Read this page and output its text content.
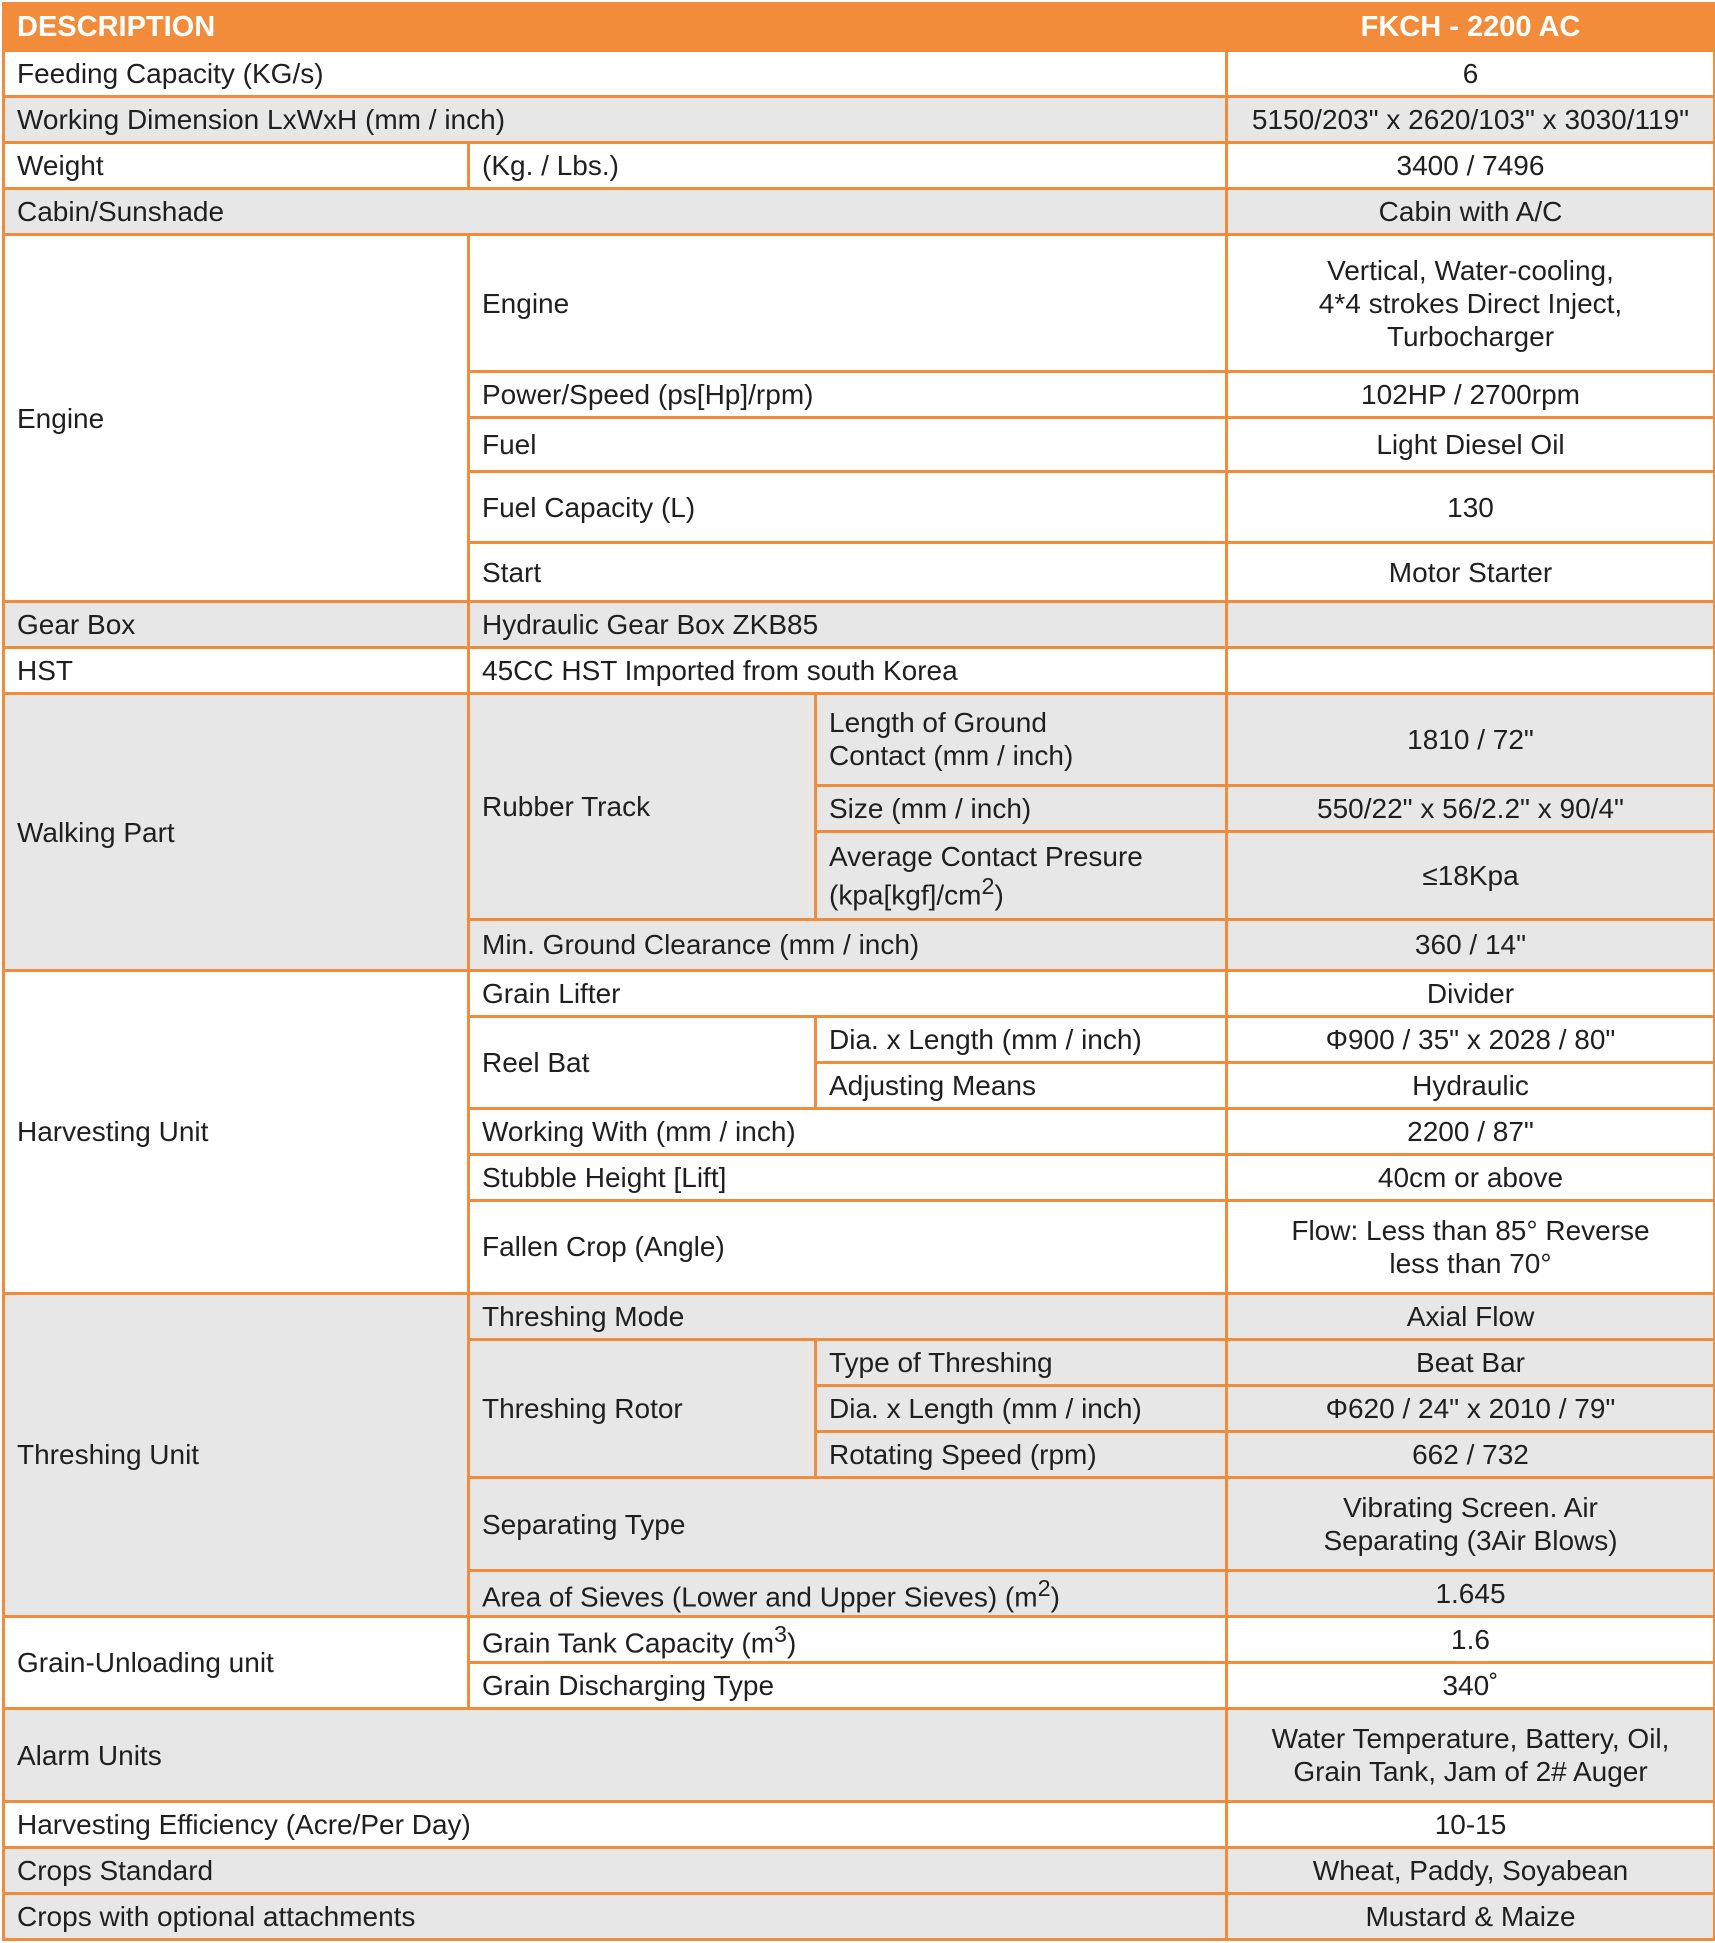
DESCRIPTION			FKCH - 2200 AC
Feeding Capacity (KG/s)			6
Working Dimension LxWxH (mm / inch)			5150/203" x 2620/103" x 3030/119"
Weight	(Kg. / Lbs.)		3400 / 7496
Cabin/Sunshade			Cabin with A/C
Engine	Engine		Vertical, Water-cooling,
4*4 strokes Direct Inject,
Turbocharger
	Power/Speed (ps[Hp]/rpm)		102HP / 2700rpm
	Fuel		Light Diesel Oil
	Fuel Capacity (L)		130
	Start		Motor Starter
Gear Box	Hydraulic Gear Box ZKB85		
HST	45CC HST Imported from south Korea		
Walking Part	Rubber Track	Length of Ground
Contact (mm / inch)	1810 / 72"
		Size (mm / inch)	550/22" x 56/2.2" x 90/4"
		Average Contact Presure
$(kpa[kgf]/cm^2)$	≤18Kpa
	Min. Ground Clearance (mm / inch)		360 / 14"
Harvesting Unit	Grain Lifter		Divider
	Reel Bat	Dia. x Length (mm / inch)	Φ900 / 35" x 2028 / 80"
		Adjusting Means	Hydraulic
	Working With (mm / inch)		2200 / 87"
	Stubble Height [Lift]		40cm or above
	Fallen Crop (Angle)		Flow: Less than 85° Reverse
less than 70°
Threshing Unit	Threshing Mode		Axial Flow
	Threshing Rotor	Type of Threshing	Beat Bar
		Dia. x Length (mm / inch)	Φ620 / 24" x 2010 / 79"
		Rotating Speed (rpm)	662 / 732
	Separating Type		Vibrating Screen. Air
Separating (3Air Blows)
	Area of Sieves (Lower and Upper Sieves) $(m^2)$		1.645
Grain-Unloading unit	Grain Tank Capacity $(m^3)$		1.6
	Grain Discharging Type		340˚
Alarm Units			Water Temperature, Battery, Oil,
Grain Tank, Jam of 2# Auger
Harvesting Efficiency (Acre/Per Day)			10-15
Crops Standard			Wheat, Paddy, Soyabean
Crops with optional attachments			Mustard & Maize
